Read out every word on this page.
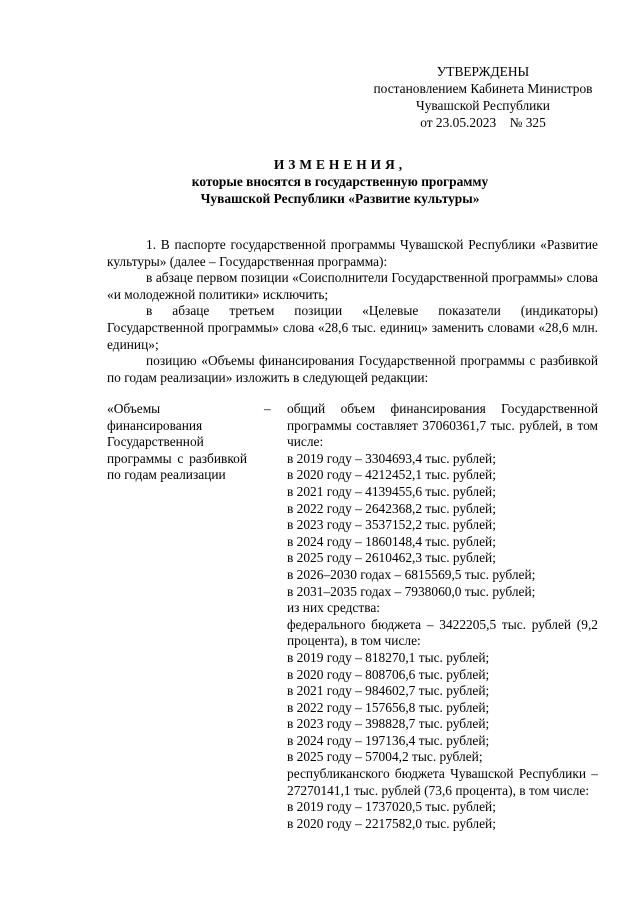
УТВЕРЖДЕНЫ
постановлением Кабинета Министров
Чувашской Республики
от 23.05.2023    № 325
ИЗМЕНЕНИЯ,
которые вносятся в государственную программу
Чувашской Республики «Развитие культуры»

1. В паспорте государственной программы Чувашской Республики «Развитие культуры» (далее – Государственная программа):

в абзаце первом позиции «Соисполнители Государственной программы» слова «и молодежной политики» исключить;

в абзаце третьем позиции «Целевые показатели (индикаторы) Государственной программы» слова «28,6 тыс. единиц» заменить словами «28,6 млн. единиц»;

позицию «Объемы финансирования Государственной программы с разбивкой по годам реализации» изложить в следующей редакции:

«Объемы финансирования Государственной программы с разбивкой по годам реализации
– общий объем финансирования Государственной программы составляет 37060361,7 тыс. рублей, в том числе:
в 2019 году – 3304693,4 тыс. рублей;
в 2020 году – 4212452,1 тыс. рублей;
в 2021 году – 4139455,6 тыс. рублей;
в 2022 году – 2642368,2 тыс. рублей;
в 2023 году – 3537152,2 тыс. рублей;
в 2024 году – 1860148,4 тыс. рублей;
в 2025 году – 2610462,3 тыс. рублей;
в 2026–2030 годах – 6815569,5 тыс. рублей;
в 2031–2035 годах – 7938060,0 тыс. рублей;
из них средства:
федерального бюджета – 3422205,5 тыс. рублей (9,2 процента), в том числе:
в 2019 году – 818270,1 тыс. рублей;
в 2020 году – 808706,6 тыс. рублей;
в 2021 году – 984602,7 тыс. рублей;
в 2022 году – 157656,8 тыс. рублей;
в 2023 году – 398828,7 тыс. рублей;
в 2024 году – 197136,4 тыс. рублей;
в 2025 году – 57004,2 тыс. рублей;
республиканского бюджета Чувашской Республики – 27270141,1 тыс. рублей (73,6 процента), в том числе:
в 2019 году – 1737020,5 тыс. рублей;
в 2020 году – 2217582,0 тыс. рублей;
